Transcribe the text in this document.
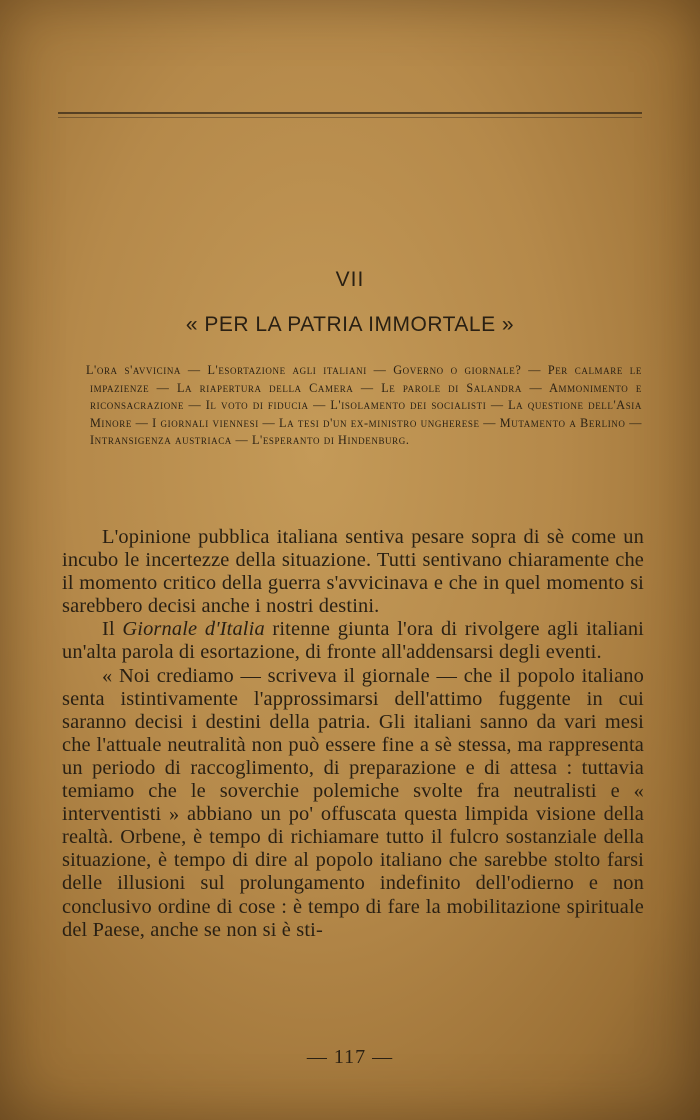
VII
« PER LA PATRIA IMMORTALE »
L'ora s'avvicina — L'esortazione agli italiani — Governo o giornale? — Per calmare le impazienze — La riapertura della Camera — Le parole di Salandra — Ammonimento e riconsacrazione — Il voto di fiducia — L'isolamento dei socialisti — La questione dell'Asia Minore — I giornali viennesi — La tesi d'un ex-ministro ungherese — Mutamento a Berlino — Intransigenza austriaca — L'esperanto di Hindenburg.

L'opinione pubblica italiana sentiva pesare sopra di sè come un incubo le incertezze della situazione. Tutti sentivano chiaramente che il momento critico della guerra s'avvicinava e che in quel momento si sarebbero decisi anche i nostri destini.

Il Giornale d'Italia ritenne giunta l'ora di rivolgere agli italiani un'alta parola di esortazione, di fronte all'addensarsi degli eventi.

« Noi crediamo — scriveva il giornale — che il popolo italiano senta istintivamente l'approssimarsi dell'attimo fuggente in cui saranno decisi i destini della patria. Gli italiani sanno da vari mesi che l'attuale neutralità non può essere fine a sè stessa, ma rappresenta un periodo di raccoglimento, di preparazione e di attesa : tuttavia temiamo che le soverchie polemiche svolte fra neutralisti e « interventisti » abbiano un po' offuscata questa limpida visione della realtà. Orbene, è tempo di richiamare tutto il fulcro sostanziale della situazione, è tempo di dire al popolo italiano che sarebbe stolto farsi delle illusioni sul prolungamento indefinito dell'odierno e non conclusivo ordine di cose : è tempo di fare la mobilitazione spirituale del Paese, anche se non si è sti-

— 117 —
